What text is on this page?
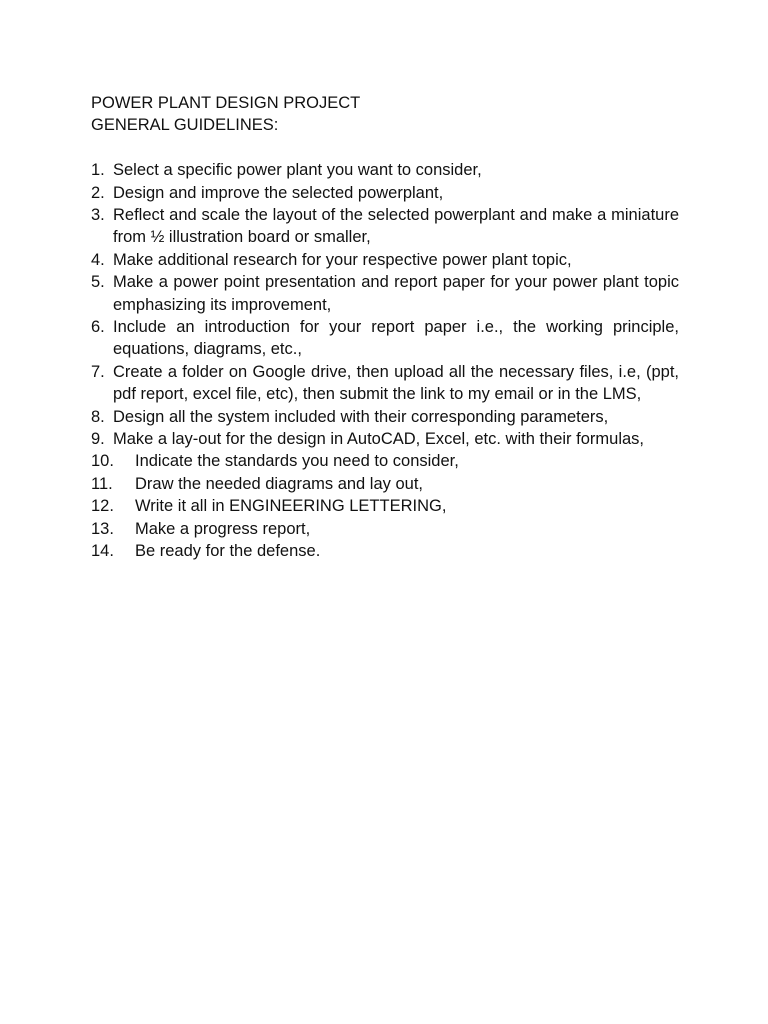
POWER PLANT DESIGN PROJECT
GENERAL GUIDELINES:
1. Select a specific power plant you want to consider,
2. Design and improve the selected powerplant,
3. Reflect and scale the layout of the selected powerplant and make a miniature from ½ illustration board or smaller,
4. Make additional research for your respective power plant topic,
5. Make a power point presentation and report paper for your power plant topic emphasizing its improvement,
6. Include an introduction for your report paper i.e., the working principle, equations, diagrams, etc.,
7. Create a folder on Google drive, then upload all the necessary files, i.e, (ppt, pdf report, excel file, etc), then submit the link to my email or in the LMS,
8. Design all the system included with their corresponding parameters,
9. Make a lay-out for the design in AutoCAD, Excel, etc. with their formulas,
10.	Indicate the standards you need to consider,
11.	Draw the needed diagrams and lay out,
12.	Write it all in ENGINEERING LETTERING,
13.	Make a progress report,
14.	Be ready for the defense.
